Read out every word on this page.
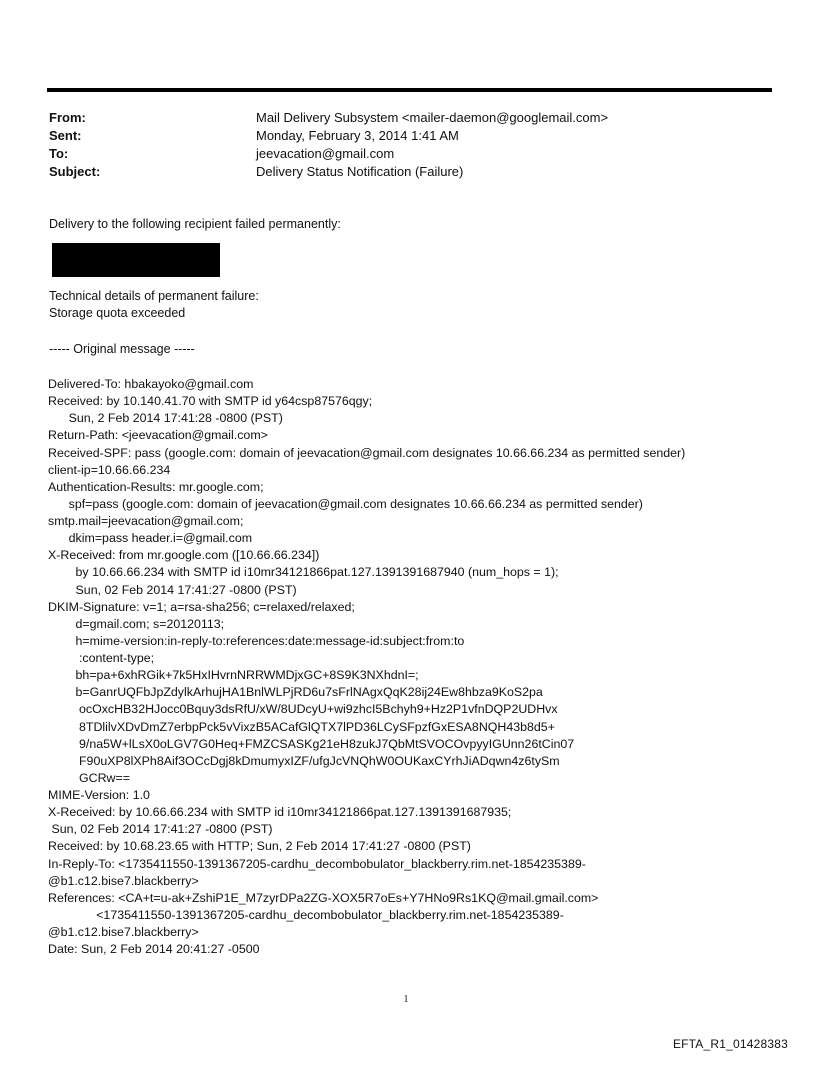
From:	Mail Delivery Subsystem <mailer-daemon@googlemail.com>
Sent:	Monday, February 3, 2014 1:41 AM
To:	jeevacation@gmail.com
Subject:	Delivery Status Notification (Failure)
Delivery to the following recipient failed permanently:
Technical details of permanent failure:
Storage quota exceeded
----- Original message -----
Delivered-To: hbakayoko@gmail.com
Received: by 10.140.41.70 with SMTP id y64csp87576qgy;
Sun, 2 Feb 2014 17:41:28 -0800 (PST)
Return-Path: <jeevacation@gmail.com>
Received-SPF: pass (google.com: domain of jeevacation@gmail.com designates 10.66.66.234 as permitted sender)
client-ip=10.66.66.234
Authentication-Results: mr.google.com;
spf=pass (google.com: domain of jeevacation@gmail.com designates 10.66.66.234 as permitted sender)
smtp.mail=jeevacation@gmail.com;
dkim=pass header.i=@gmail.com
X-Received: from mr.google.com ([10.66.66.234])
by 10.66.66.234 with SMTP id i10mr34121866pat.127.1391391687940 (num_hops = 1);
Sun, 02 Feb 2014 17:41:27 -0800 (PST)
DKIM-Signature: v=1; a=rsa-sha256; c=relaxed/relaxed;
d=gmail.com; s=20120113;
h=mime-version:in-reply-to:references:date:message-id:subject:from:to
:content-type;
bh=pa+6xhRGik+7k5HxIHvrnNRRWMDjxGC+8S9K3NXhdnI=;
b=GanrUQFbJpZdylkArhujHA1BnlWLPjRD6u7sFrlNAgxQqK28ij24Ew8hbza9KoS2pa
ocOxcHB32HJocc0Bquy3dsRfU/xW/8UDcyU+wi9zhcI5Bchyh9+Hz2P1vfnDQP2UDHvx
8TDlilvXDvDmZ7erbpPck5vVixzB5ACafGlQTX7lPD36LCySFpzfGxESA8NQH43b8d5+
9/na5W+lLsX0oLGV7G0Heq+FMZCSASKg21eH8zukJ7QbMtSVOCOvpyyIGUnn26tCin07
F90uXP8lXPh8Aif3OCcDgj8kDmumyxIZF/ufgJcVNQhW0OUKaxCYrhJiADqwn4z6tySm
GCRw==
MIME-Version: 1.0
X-Received: by 10.66.66.234 with SMTP id i10mr34121866pat.127.1391391687935;
Sun, 02 Feb 2014 17:41:27 -0800 (PST)
Received: by 10.68.23.65 with HTTP; Sun, 2 Feb 2014 17:41:27 -0800 (PST)
In-Reply-To: <1735411550-1391367205-cardhu_decombobulator_blackberry.rim.net-1854235389-
@b1.c12.bise7.blackberry>
References: <CA+t=u-ak+ZshiP1E_M7zyrDPa2ZG-XOX5R7oEs+Y7HNo9Rs1KQ@mail.gmail.com>
<1735411550-1391367205-cardhu_decombobulator_blackberry.rim.net-1854235389-
@b1.c12.bise7.blackberry>
Date: Sun, 2 Feb 2014 20:41:27 -0500
1
EFTA_R1_01428383
